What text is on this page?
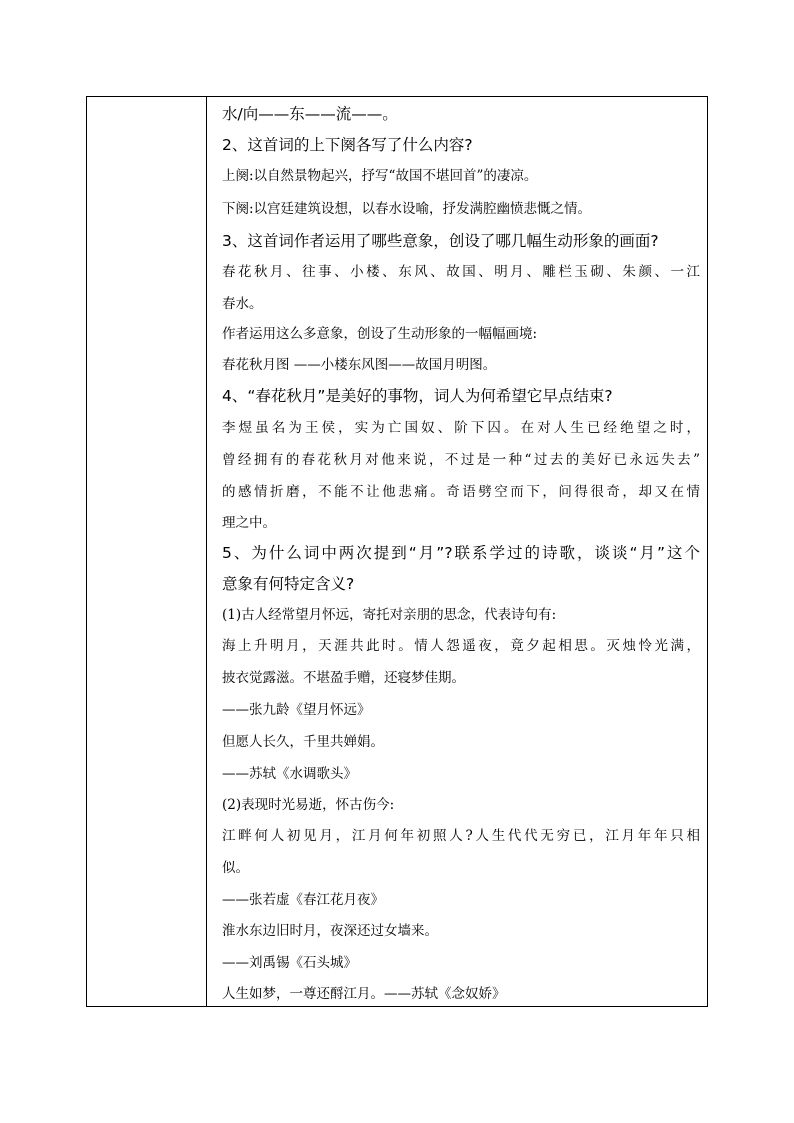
水/向——东——流——。
2、这首词的上下阕各写了什么内容?
上阕:以自然景物起兴，抒写“故国不堪回首”的凄凉。
下阕:以宫廷建筑设想，以春水设喻，抒发满腔幽愤悲慨之情。
3、这首词作者运用了哪些意象，创设了哪几幅生动形象的画面?
春花秋月、往事、小楼、东风、故国、明月、雕栏玉砌、朱颜、一江
春水。
作者运用这么多意象，创设了生动形象的一幅幅画境:
春花秋月图 ——小楼东风图——故国月明图。
4、“春花秋月”是美好的事物，词人为何希望它早点结束?
李煜虽名为王侯，实为亡国奴、阶下囚。在对人生已经绝望之时，
曾经拥有的春花秋月对他来说，不过是一种“过去的美好已永远失去”
的感情折磨，不能不让他悲痛。奇语劈空而下，问得很奇，却又在情
理之中。
5、为什么词中两次提到“月”?联系学过的诗歌，谈谈“月”这个
意象有何特定含义?
(1)古人经常望月怀远，寄托对亲朋的思念，代表诗句有:
海上升明月，天涯共此时。情人怨遥夜，竟夕起相思。灭烛怜光满，
披衣觉露滋。不堪盈手赠，还寝梦佳期。
——张九龄《望月怀远》
但愿人长久，千里共婵娟。
——苏轼《水调歌头》
(2)表现时光易逝，怀古伤今:
江畔何人初见月，江月何年初照人?人生代代无穷已，江月年年只相
似。
——张若虚《春江花月夜》
淮水东边旧时月，夜深还过女墙来。
——刘禹锡《石头城》
人生如梦，一尊还酹江月。——苏轼《念奴娇》
